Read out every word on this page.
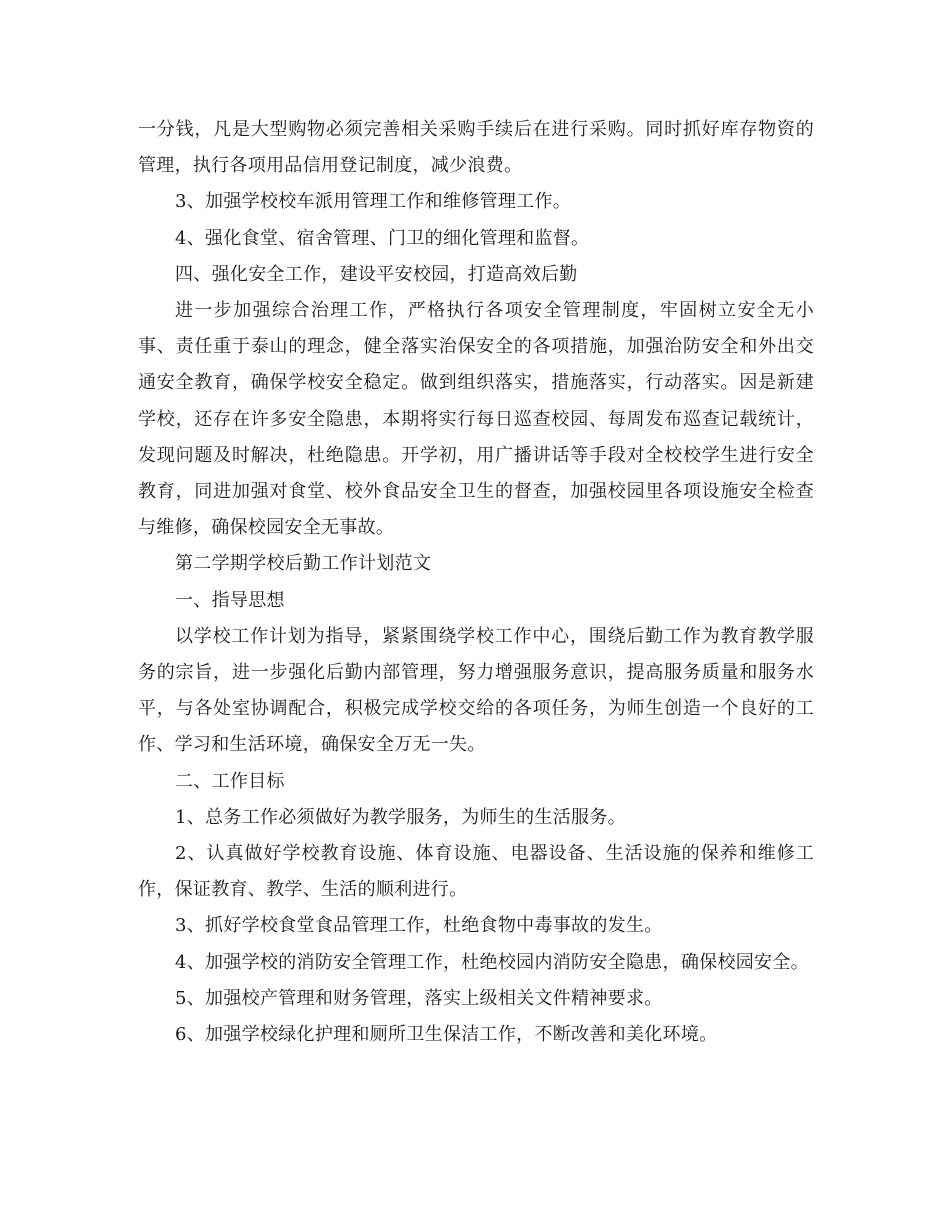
一分钱，凡是大型购物必须完善相关采购手续后在进行采购。同时抓好库存物资的管理，执行各项用品信用登记制度，减少浪费。

3、加强学校校车派用管理工作和维修管理工作。

4、强化食堂、宿舍管理、门卫的细化管理和监督。

四、强化安全工作，建设平安校园，打造高效后勤

进一步加强综合治理工作，严格执行各项安全管理制度，牢固树立安全无小事、责任重于泰山的理念，健全落实治保安全的各项措施，加强治防安全和外出交通安全教育，确保学校安全稳定。做到组织落实，措施落实，行动落实。因是新建学校，还存在许多安全隐患，本期将实行每日巡查校园、每周发布巡查记载统计，发现问题及时解决，杜绝隐患。开学初，用广播讲话等手段对全校校学生进行安全教育，同进加强对食堂、校外食品安全卫生的督查，加强校园里各项设施安全检查与维修，确保校园安全无事故。

第二学期学校后勤工作计划范文

一、指导思想

以学校工作计划为指导，紧紧围绕学校工作中心，围绕后勤工作为教育教学服务的宗旨，进一步强化后勤内部管理，努力增强服务意识，提高服务质量和服务水平，与各处室协调配合，积极完成学校交给的各项任务，为师生创造一个良好的工作、学习和生活环境，确保安全万无一失。

二、工作目标

1、总务工作必须做好为教学服务，为师生的生活服务。

2、认真做好学校教育设施、体育设施、电器设备、生活设施的保养和维修工作，保证教育、教学、生活的顺利进行。

3、抓好学校食堂食品管理工作，杜绝食物中毒事故的发生。

4、加强学校的消防安全管理工作，杜绝校园内消防安全隐患，确保校园安全。

5、加强校产管理和财务管理，落实上级相关文件精神要求。

6、加强学校绿化护理和厕所卫生保洁工作，不断改善和美化环境。
